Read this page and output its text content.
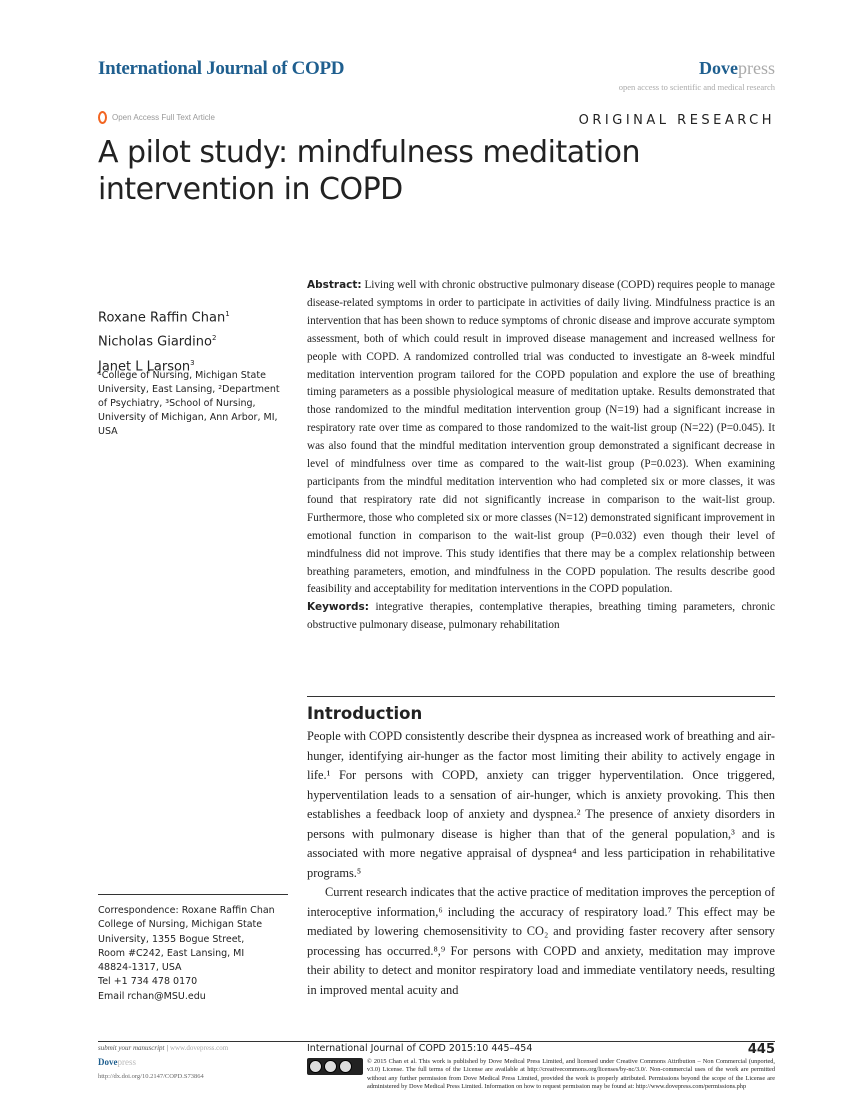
International Journal of COPD	Dovepress
open access to scientific and medical research
Open Access Full Text Article	ORIGINAL RESEARCH
A pilot study: mindfulness meditation intervention in COPD
Roxane Raffin Chan$^1$
Nicholas Giardino$^2$
Janet L Larson$^3$
¹College of Nursing, Michigan State University, East Lansing, ²Department of Psychiatry, ³School of Nursing, University of Michigan, Ann Arbor, MI, USA
Correspondence: Roxane Raffin Chan
College of Nursing, Michigan State
University, 1355 Bogue Street,
Room #C242, East Lansing, MI
48824-1317, USA
Tel +1 734 478 0170
Email rchan@MSU.edu
Abstract: Living well with chronic obstructive pulmonary disease (COPD) requires people to manage disease-related symptoms in order to participate in activities of daily living. Mindfulness practice is an intervention that has been shown to reduce symptoms of chronic disease and improve accurate symptom assessment, both of which could result in improved disease management and increased wellness for people with COPD. A randomized controlled trial was conducted to investigate an 8-week mindful meditation intervention program tailored for the COPD population and explore the use of breathing timing parameters as a possible physiological measure of meditation uptake. Results demonstrated that those randomized to the mindful meditation intervention group (N=19) had a significant increase in respiratory rate over time as compared to those randomized to the wait-list group (N=22) (P=0.045). It was also found that the mindful meditation intervention group demonstrated a significant decrease in level of mindfulness over time as compared to the wait-list group (P=0.023). When examining participants from the mindful meditation intervention who had completed six or more classes, it was found that respiratory rate did not significantly increase in comparison to the wait-list group. Furthermore, those who completed six or more classes (N=12) demonstrated significant improvement in emotional function in comparison to the wait-list group (P=0.032) even though their level of mindfulness did not improve. This study identifies that there may be a complex relationship between breathing parameters, emotion, and mindfulness in the COPD population. The results describe good feasibility and acceptability for meditation interventions in the COPD population.
Keywords: integrative therapies, contemplative therapies, breathing timing parameters, chronic obstructive pulmonary disease, pulmonary rehabilitation
Introduction

People with COPD consistently describe their dyspnea as increased work of breathing and air-hunger, identifying air-hunger as the factor most limiting their ability to actively engage in life.¹ For persons with COPD, anxiety can trigger hyperventilation. Once triggered, hyperventilation leads to a sensation of air-hunger, which is anxiety provoking. This then establishes a feedback loop of anxiety and dyspnea.² The presence of anxiety disorders in persons with pulmonary disease is higher than that of the general population,³ and is associated with more negative appraisal of dyspnea⁴ and less participation in rehabilitative programs.⁵

Current research indicates that the active practice of meditation improves the perception of interoceptive information,⁶ including the accuracy of respiratory load.⁷ This effect may be mediated by lowering chemosensitivity to CO₂ and providing faster recovery after sensory processing has occurred.⁸,⁹ For persons with COPD and anxiety, meditation may improve their ability to detect and monitor respiratory load and immediate ventilatory needs, resulting in improved mental acuity and

submit your manuscript | www.dovepress.com
Dovepress
http://dx.doi.org/10.2147/COPD.S73864
International Journal of COPD 2015:10 445–454	445
© 2015 Chan et al. This work is published by Dove Medical Press Limited, and licensed under Creative Commons Attribution – Non Commercial (unported, v3.0) License. The full terms of the License are available at http://creativecommons.org/licenses/by-nc/3.0/. Non-commercial uses of the work are permitted without any further permission from Dove Medical Press Limited, provided the work is properly attributed. Permissions beyond the scope of the License are administered by Dove Medical Press Limited. Information on how to request permission may be found at: http://www.dovepress.com/permissions.php
